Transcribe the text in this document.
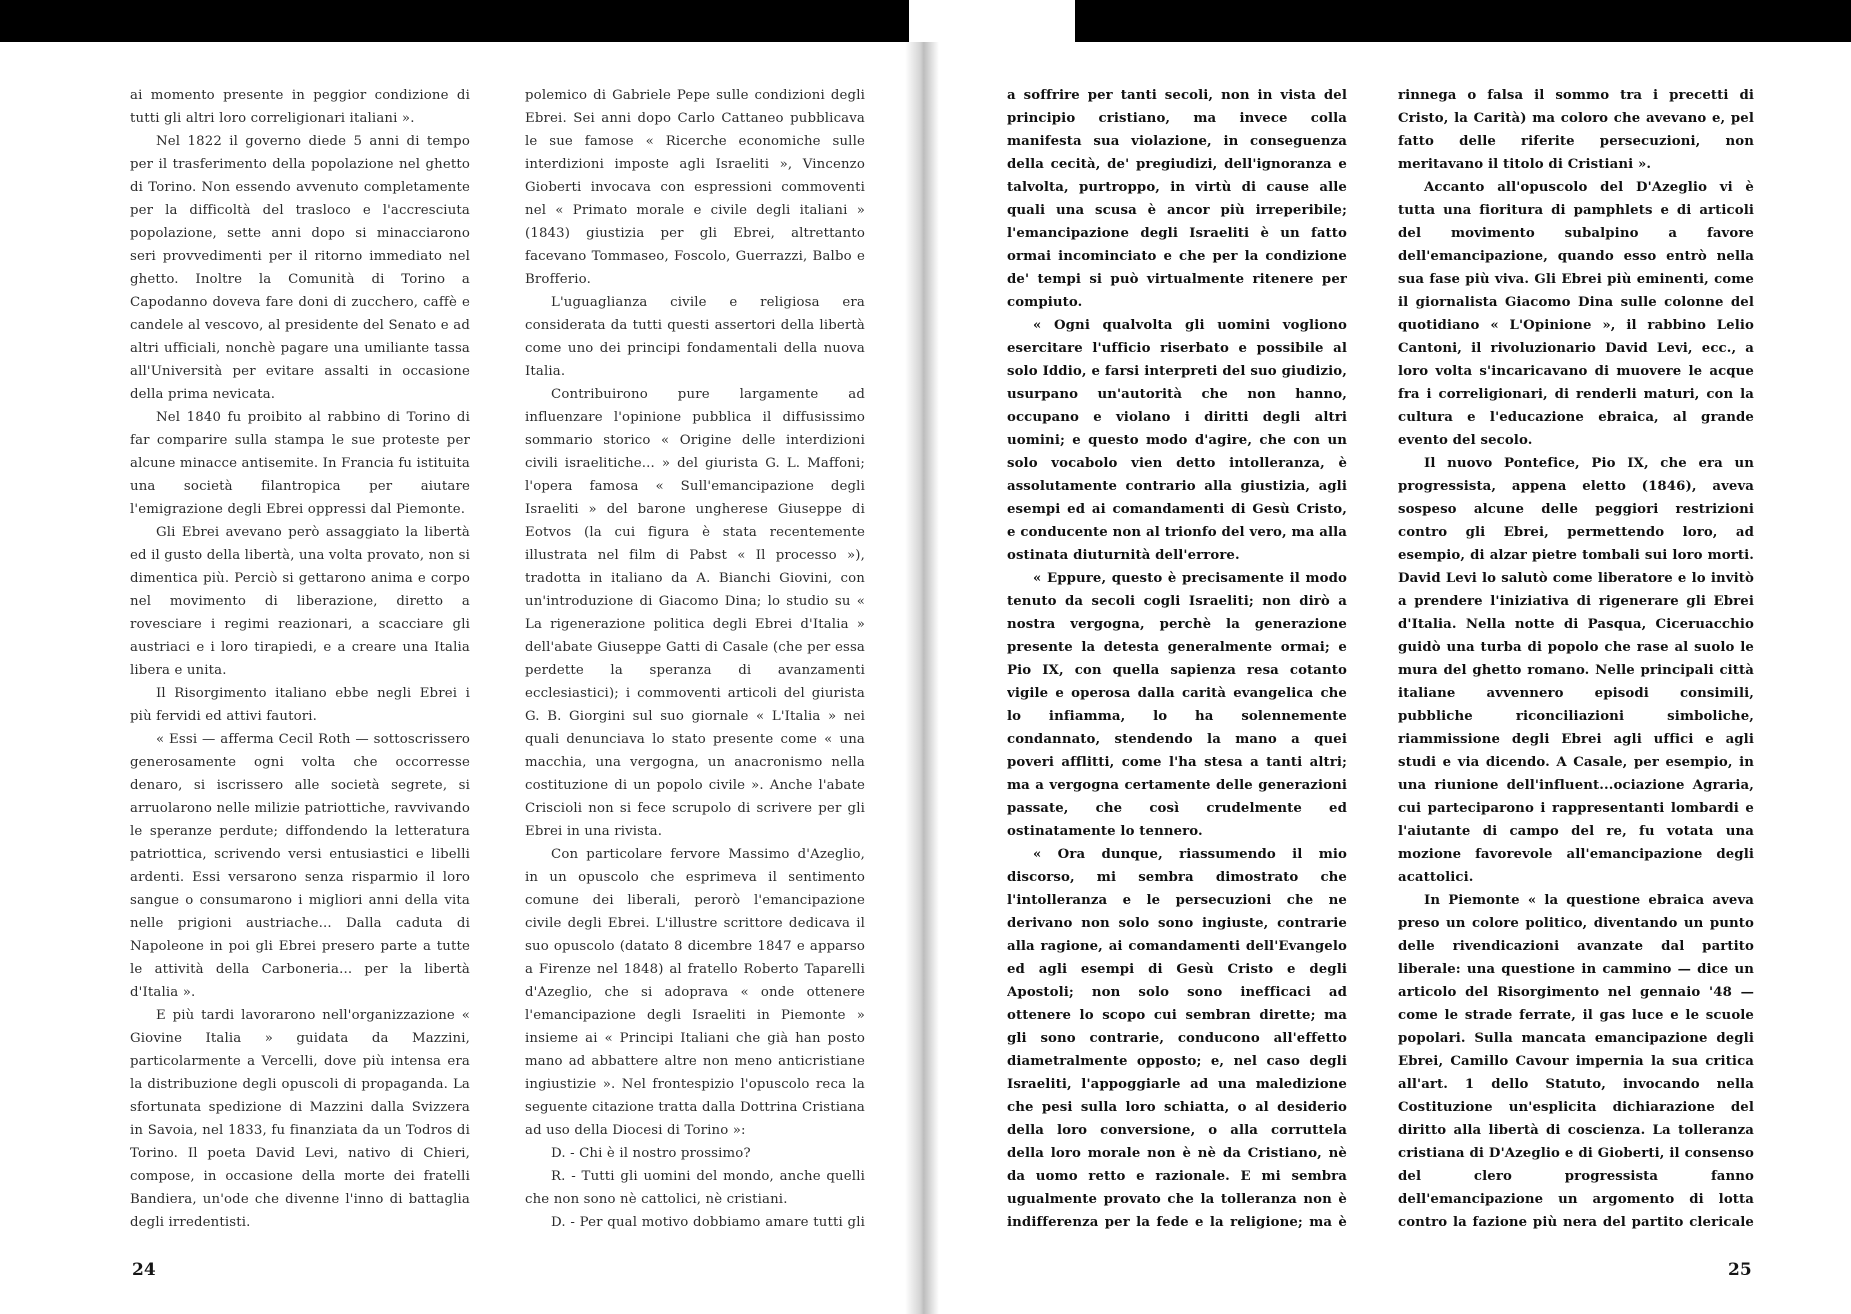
ai momento presente in peggior condizione di tutti gli altri loro correligionari italiani ».

Nel 1822 il governo diede 5 anni di tempo per il trasferimento della popolazione nel ghetto di Torino. Non essendo avvenuto completamente per la difficoltà del trasloco e l'accresciuta popolazione, sette anni dopo si minacciarono seri provvedimenti per il ritorno immediato nel ghetto. Inoltre la Comunità di Torino a Capodanno doveva fare doni di zucchero, caffè e candele al vescovo, al presidente del Senato e ad altri ufficiali, nonchè pagare una umiliante tassa all'Università per evitare assalti in occasione della prima nevicata.

Nel 1840 fu proibito al rabbino di Torino di far comparire sulla stampa le sue proteste per alcune minacce antisemite. In Francia fu istituita una società filantropica per aiutare l'emigrazione degli Ebrei oppressi dal Piemonte.

Gli Ebrei avevano però assaggiato la libertà ed il gusto della libertà, una volta provato, non si dimentica più. Perciò si gettarono anima e corpo nel movimento di liberazione, diretto a rovesciare i regimi reazionari, a scacciare gli austriaci e i loro tirapiedi, e a creare una Italia libera e unita.

Il Risorgimento italiano ebbe negli Ebrei i più fervidi ed attivi fautori.

« Essi — afferma Cecil Roth — sottoscrissero generosamente ogni volta che occorresse denaro, si iscrissero alle società segrete, si arruolarono nelle milizie patriottiche, ravvivando le speranze perdute; diffondendo la letteratura patriottica, scrivendo versi entusiastici e libelli ardenti. Essi versarono senza risparmio il loro sangue o consumarono i migliori anni della vita nelle prigioni austriache... Dalla caduta di Napoleone in poi gli Ebrei presero parte a tutte le attività della Carboneria... per la libertà d'Italia ».

E più tardi lavorarono nell'organizzazione « Giovine Italia » guidata da Mazzini, particolarmente a Vercelli, dove più intensa era la distribuzione degli opuscoli di propaganda. La sfortunata spedizione di Mazzini dalla Svizzera in Savoia, nel 1833, fu finanziata da un Todros di Torino. Il poeta David Levi, nativo di Chieri, compose, in occasione della morte dei fratelli Bandiera, un'ode che divenne l'inno di battaglia degli irredentisti.

polemico di Gabriele Pepe sulle condizioni degli Ebrei. Sei anni dopo Carlo Cattaneo pubblicava le sue famose « Ricerche economiche sulle interdizioni imposte agli Israeliti », Vincenzo Gioberti invocava con espressioni commoventi nel « Primato morale e civile degli italiani » (1843) giustizia per gli Ebrei, altrettanto facevano Tommaseo, Foscolo, Guerrazzi, Balbo e Brofferio.

L'uguaglianza civile e religiosa era considerata da tutti questi assertori della libertà come uno dei principi fondamentali della nuova Italia.

Contribuirono pure largamente ad influenzare l'opinione pubblica il diffusissimo sommario storico « Origine delle interdizioni civili israelitiche... » del giurista G. L. Maffoni; l'opera famosa « Sull'emancipazione degli Israeliti » del barone ungherese Giuseppe di Eotvos (la cui figura è stata recentemente illustrata nel film di Pabst « Il processo »), tradotta in italiano da A. Bianchi Giovini, con un'introduzione di Giacomo Dina; lo studio su « La rigenerazione politica degli Ebrei d'Italia » dell'abate Giuseppe Gatti di Casale (che per essa perdette la speranza di avanzamenti ecclesiastici); i commoventi articoli del giurista G. B. Giorgini sul suo giornale « L'Italia » nei quali denunciava lo stato presente come « una macchia, una vergogna, un anacronismo nella costituzione di un popolo civile ». Anche l'abate Criscioli non si fece scrupolo di scrivere per gli Ebrei in una rivista.

Con particolare fervore Massimo d'Azeglio, in un opuscolo che esprimeva il sentimento comune dei liberali, perorò l'emancipazione civile degli Ebrei. L'illustre scrittore dedicava il suo opuscolo (datato 8 dicembre 1847 e apparso a Firenze nel 1848) al fratello Roberto Taparelli d'Azeglio, che si adoprava « onde ottenere l'emancipazione degli Israeliti in Piemonte » insieme ai « Principi Italiani che già han posto mano ad abbattere altre non meno anticristiane ingiustizie ». Nel frontespizio l'opuscolo reca la seguente citazione tratta dalla Dottrina Cristiana ad uso della Diocesi di Torino »:

D. - Chi è il nostro prossimo?

R. - Tutti gli uomini del mondo, anche quelli che non sono nè cattolici, nè cristiani.

D. - Per qual motivo dobbiamo amare tutti gli

24

a soffrire per tanti secoli, non in vista del principio cristiano, ma invece colla manifesta sua violazione, in conseguenza della cecità, de' pregiudizi, dell'ignoranza e talvolta, purtroppo, in virtù di cause alle quali una scusa è ancor più irreperibile; l'emancipazione degli Israeliti è un fatto ormai incominciato e che per la condizione de' tempi si può virtualmente ritenere per compiuto.

« Ogni qualvolta gli uomini vogliono esercitare l'ufficio riserbato e possibile al solo Iddio, e farsi interpreti del suo giudizio, usurpano un'autorità che non hanno, occupano e violano i diritti degli altri uomini; e questo modo d'agire, che con un solo vocabolo vien detto intolleranza, è assolutamente contrario alla giustizia, agli esempi ed ai comandamenti di Gesù Cristo, e conducente non al trionfo del vero, ma alla ostinata diuturnità dell'errore.

« Eppure, questo è precisamente il modo tenuto da secoli cogli Israeliti; non dirò a nostra vergogna, perchè la generazione presente la detesta generalmente ormai; e Pio IX, con quella sapienza resa cotanto vigile e operosa dalla carità evangelica che lo infiamma, lo ha solennemente condannato, stendendo la mano a quei poveri afflitti, come l'ha stesa a tanti altri; ma a vergogna certamente delle generazioni passate, che così crudelmente ed ostinatamente lo tennero.

« Ora dunque, riassumendo il mio discorso, mi sembra dimostrato che l'intolleranza e le persecuzioni che ne derivano non solo sono ingiuste, contrarie alla ragione, ai comandamenti dell'Evangelo ed agli esempi di Gesù Cristo e degli Apostoli; non solo sono inefficaci ad ottenere lo scopo cui sembran dirette; ma gli sono contrarie, conducono all'effetto diametralmente opposto; e, nel caso degli Israeliti, l'appoggiarle ad una maledizione che pesi sulla loro schiatta, o al desiderio della loro conversione, o alla corruttela della loro morale non è nè da Cristiano, nè da uomo retto e razionale. E mi sembra ugualmente provato che la tolleranza non è indifferenza per la fede e la religione; ma è

rinnega o falsa il sommo tra i precetti di Cristo, la Carità) ma coloro che avevano e, pel fatto delle riferite persecuzioni, non meritavano il titolo di Cristiani ».

Accanto all'opuscolo del D'Azeglio vi è tutta una fioritura di pamphlets e di articoli del movimento subalpino a favore dell'emancipazione, quando esso entrò nella sua fase più viva. Gli Ebrei più eminenti, come il giornalista Giacomo Dina sulle colonne del quotidiano « L'Opinione », il rabbino Lelio Cantoni, il rivoluzionario David Levi, ecc., a loro volta s'incaricavano di muovere le acque fra i correligionari, di renderli maturi, con la cultura e l'educazione ebraica, al grande evento del secolo.

Il nuovo Pontefice, Pio IX, che era un progressista, appena eletto (1846), aveva sospeso alcune delle peggiori restrizioni contro gli Ebrei, permettendo loro, ad esempio, di alzar pietre tombali sui loro morti. David Levi lo salutò come liberatore e lo invitò a prendere l'iniziativa di rigenerare gli Ebrei d'Italia. Nella notte di Pasqua, Ciceruacchio guidò una turba di popolo che rase al suolo le mura del ghetto romano. Nelle principali città italiane avvennero episodi consimili, pubbliche riconciliazioni simboliche, riammissione degli Ebrei agli uffici e agli studi e via dicendo. A Casale, per esempio, in una riunione dell'influent...ociazione Agraria, cui parteciparono i rappresentanti lombardi e l'aiutante di campo del re, fu votata una mozione favorevole all'emancipazione degli acattolici.

In Piemonte « la questione ebraica aveva preso un colore politico, diventando un punto delle rivendicazioni avanzate dal partito liberale: una questione in cammino — dice un articolo del Risorgimento nel gennaio '48 — come le strade ferrate, il gas luce e le scuole popolari. Sulla mancata emancipazione degli Ebrei, Camillo Cavour impernia la sua critica all'art. 1 dello Statuto, invocando nella Costituzione un'esplicita dichiarazione del diritto alla libertà di coscienza. La tolleranza cristiana di D'Azeglio e di Gioberti, il consenso del clero progressista fanno dell'emancipazione un argomento di lotta contro la fazione più nera del partito clericale

25
